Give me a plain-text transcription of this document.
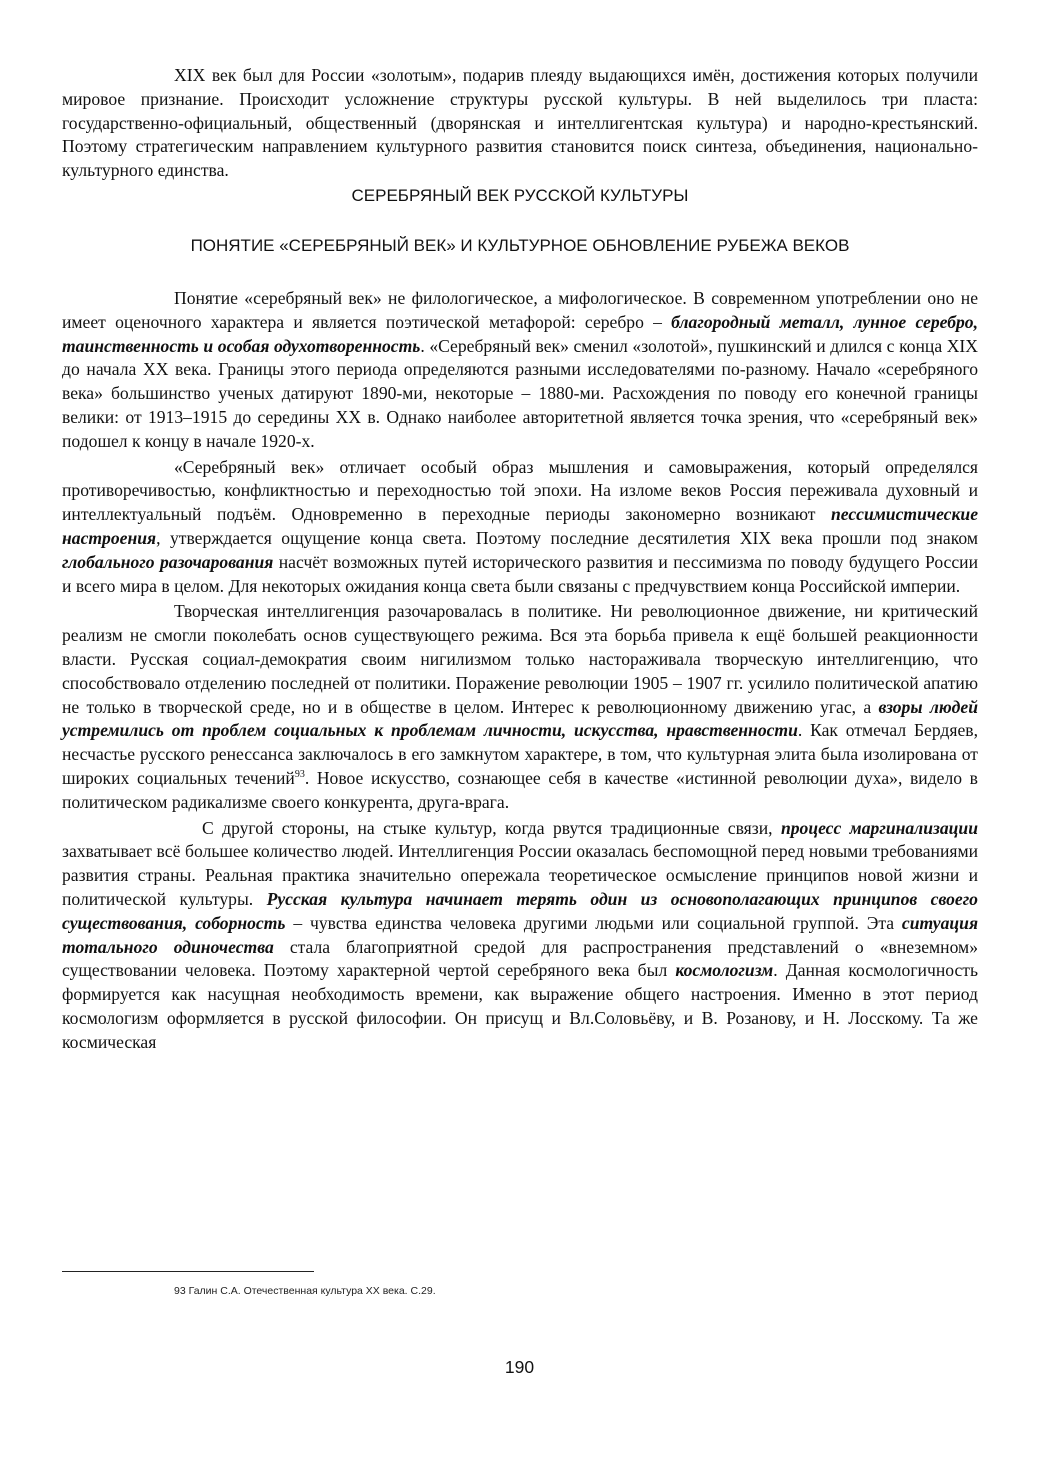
XIX век был для России «золотым», подарив плеяду выдающихся имён, достижения которых получили мировое признание. Происходит усложнение структуры русской культуры. В ней выделилось три пласта: государственно-официальный, общественный (дворянская и интеллигентская культура) и народно-крестьянский. Поэтому стратегическим направлением культурного развития становится поиск синтеза, объединения, национально-культурного единства.

СЕРЕБРЯНЫЙ ВЕК РУССКОЙ КУЛЬТУРЫ
ПОНЯТИЕ «СЕРЕБРЯНЫЙ ВЕК» И КУЛЬТУРНОЕ ОБНОВЛЕНИЕ РУБЕЖА ВЕКОВ

Понятие «серебряный век» не филологическое, а мифологическое. В современном употреблении оно не имеет оценочного характера и является поэтической метафорой: серебро – благородный металл, лунное серебро, таинственность и особая одухотворенность. «Серебряный век» сменил «золотой», пушкинский и длился с конца XIX до начала XX века. Границы этого периода определяются разными исследователями по-разному. Начало «серебряного века» большинство ученых датируют 1890-ми, некоторые – 1880-ми. Расхождения по поводу его конечной границы велики: от 1913–1915 до середины XX в. Однако наиболее авторитетной является точка зрения, что «серебряный век» подошел к концу в начале 1920-х.

«Серебряный век» отличает особый образ мышления и самовыражения, который определялся противоречивостью, конфликтностью и переходностью той эпохи. На изломе веков Россия переживала духовный и интеллектуальный подъём. Одновременно в переходные периоды закономерно возникают пессимистические настроения, утверждается ощущение конца света. Поэтому последние десятилетия XIX века прошли под знаком глобального разочарования насчёт возможных путей исторического развития и пессимизма по поводу будущего России и всего мира в целом. Для некоторых ожидания конца света были связаны с предчувствием конца Российской империи.

Творческая интеллигенция разочаровалась в политике. Ни революционное движение, ни критический реализм не смогли поколебать основ существующего режима. Вся эта борьба привела к ещё большей реакционности власти. Русская социал-демократия своим нигилизмом только настораживала творческую интеллигенцию, что способствовало отделению последней от политики. Поражение революции 1905 – 1907 гг. усилило политической апатию не только в творческой среде, но и в обществе в целом. Интерес к революционному движению угас, а взоры людей устремились от проблем социальных к проблемам личности, искусства, нравственности. Как отмечал Бердяев, несчастье русского ренессанса заключалось в его замкнутом характере, в том, что культурная элита была изолирована от широких социальных течений$^{93}$. Новое искусство, сознающее себя в качестве «истинной революции духа», видело в политическом радикализме своего конкурента, друга-врага.

С другой стороны, на стыке культур, когда рвутся традиционные связи, процесс маргинализации захватывает всё большее количество людей. Интеллигенция России оказалась беспомощной перед новыми требованиями развития страны. Реальная практика значительно опережала теоретическое осмысление принципов новой жизни и политической культуры. Русская культура начинает терять один из основополагающих принципов своего существования, соборность – чувства единства человека другими людьми или социальной группой. Эта ситуация тотального одиночества стала благоприятной средой для распространения представлений о «внеземном» существовании человека. Поэтому характерной чертой серебряного века был космологизм. Данная космологичность формируется как насущная необходимость времени, как выражение общего настроения. Именно в этот период космологизм оформляется в русской философии. Он присущ и Вл.Соловьёву, и В. Розанову, и Н. Лосскому. Та же космическая

93 Галин С.А. Отечественная культура XX века. С.29.
190
